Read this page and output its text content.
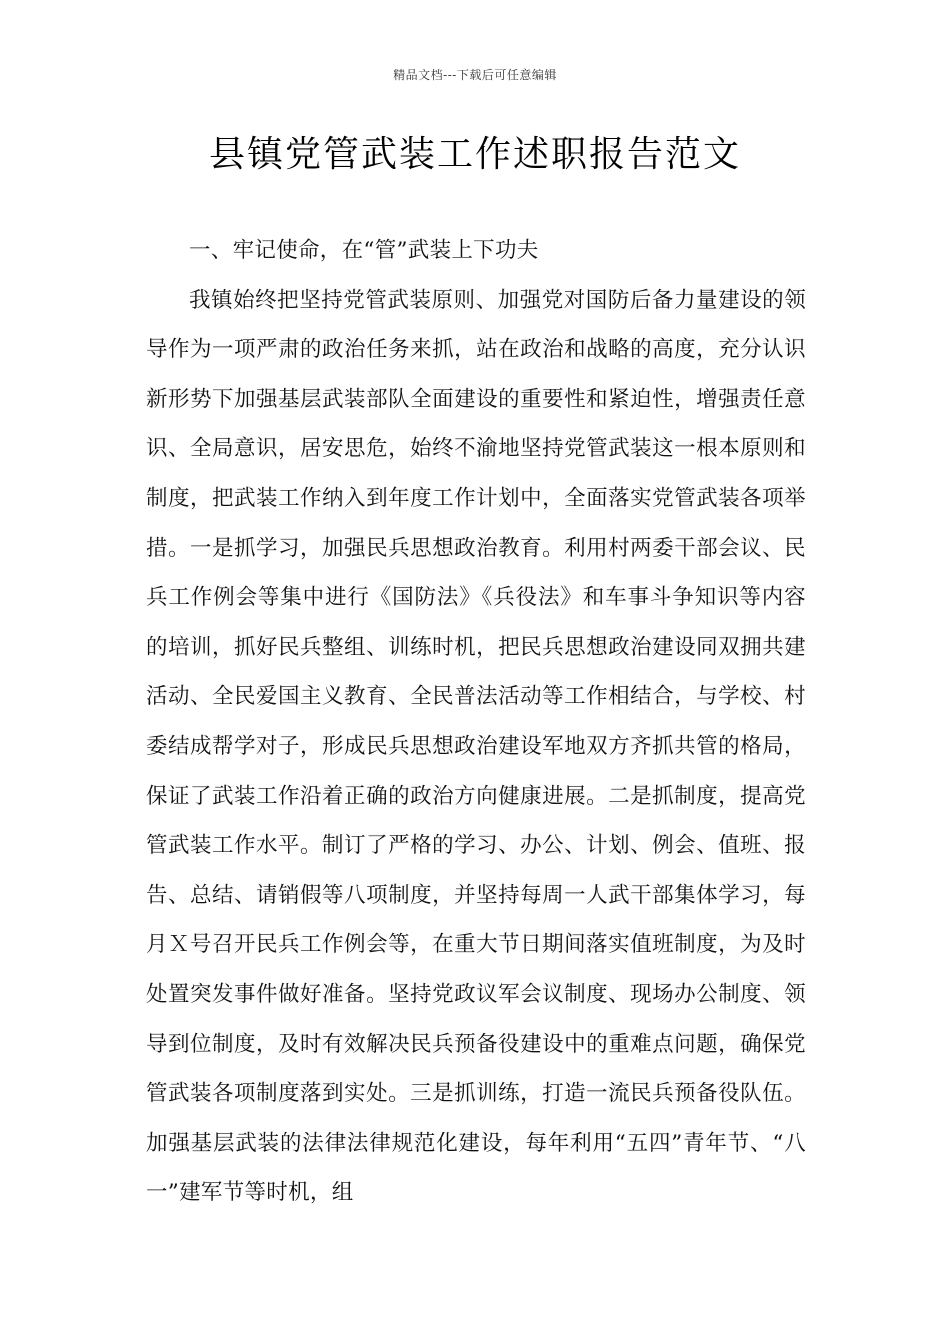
精品文档---下载后可任意编辑
县镇党管武装工作述职报告范文

一、牢记使命，在“管”武装上下功夫

我镇始终把坚持党管武装原则、加强党对国防后备力量建设的领导作为一项严肃的政治任务来抓，站在政治和战略的高度，充分认识新形势下加强基层武装部队全面建设的重要性和紧迫性，增强责任意识、全局意识，居安思危，始终不渝地坚持党管武装这一根本原则和制度，把武装工作纳入到年度工作计划中，全面落实党管武装各项举措。一是抓学习，加强民兵思想政治教育。利用村两委干部会议、民兵工作例会等集中进行《国防法》《兵役法》和车事斗争知识等内容的培训，抓好民兵整组、训练时机，把民兵思想政治建设同双拥共建活动、全民爱国主义教育、全民普法活动等工作相结合，与学校、村委结成帮学对子，形成民兵思想政治建设军地双方齐抓共管的格局，保证了武装工作沿着正确的政治方向健康进展。二是抓制度，提高党管武装工作水平。制订了严格的学习、办公、计划、例会、值班、报告、总结、请销假等八项制度，并坚持每周一人武干部集体学习，每月Ｘ号召开民兵工作例会等，在重大节日期间落实值班制度，为及时处置突发事件做好准备。坚持党政议军会议制度、现场办公制度、领导到位制度，及时有效解决民兵预备役建设中的重难点问题，确保党管武装各项制度落到实处。三是抓训练，打造一流民兵预备役队伍。加强基层武装的法律法律规范化建设，每年利用“五四”青年节、“八一”建军节等时机，组
